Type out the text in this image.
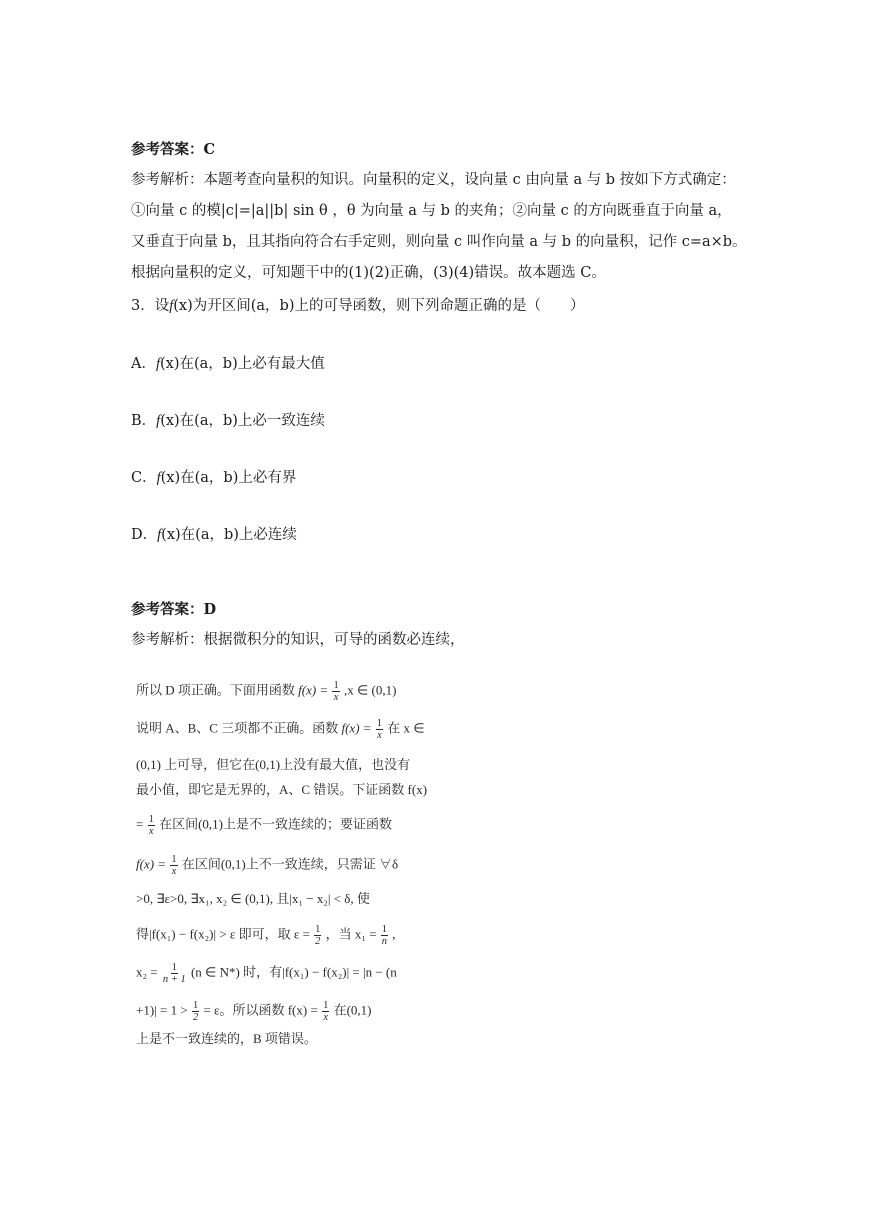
参考答案：C
参考解析：本题考查向量积的知识。向量积的定义，设向量 c 由向量 a 与 b 按如下方式确定：
①向量 c 的模|c|=|a||b| sin θ ，θ 为向量 a 与 b 的夹角；②向量 c 的方向既垂直于向量 a，
又垂直于向量 b，且其指向符合右手定则，则向量 c 叫作向量 a 与 b 的向量积，记作 c=a×b。
根据向量积的定义，可知题干中的(1)(2)正确，(3)(4)错误。故本题选 C。
3．设f(x)为开区间(a，b)上的可导函数，则下列命题正确的是（　　）
A．f(x)在(a，b)上必有最大值
B．f(x)在(a，b)上必一致连续
C．f(x)在(a，b)上必有界
D．f(x)在(a，b)上必连续
参考答案：D
参考解析：根据微积分的知识，可导的函数必连续，
所以 D 项正确。下面用函数 $f(x) = \frac{1}{x} ,x$ ∈ (0,1)
说明 A、B、C 三项都不正确。函数 $f(x) = \frac{1}{x}$ 在 x ∈
(0,1) 上可导，但它在(0,1)上没有最大值，也没有
最小值，即它是无界的，A、C 错误。下证函数 f(x)
= $\frac{1}{x}$ 在区间(0,1)上是不一致连续的；要证函数
$f(x) = \frac{1}{x}$ 在区间(0,1)上不一致连续，只需证 ∀δ
>0, ∃ε>0, ∃x₁, x₂ ∈ (0,1), 且|x₁ − x₂| < δ, 使
得|f(x₁) − f(x₂)| > ε 即可，取 $\varepsilon = \frac{1}{2}$ ，当 $x_1 = \frac{1}{n}$ ,
$x_2 = \frac{1}{n + 1} (n$ ∈ N*) 时，有|f(x₁) − f(x₂)| = |n − (n
$+1)| = 1 > \frac{1}{2} = \varepsilon$。所以函数 $f(x) = \frac{1}{x}$ 在(0,1)
上是不一致连续的，B 项错误。
